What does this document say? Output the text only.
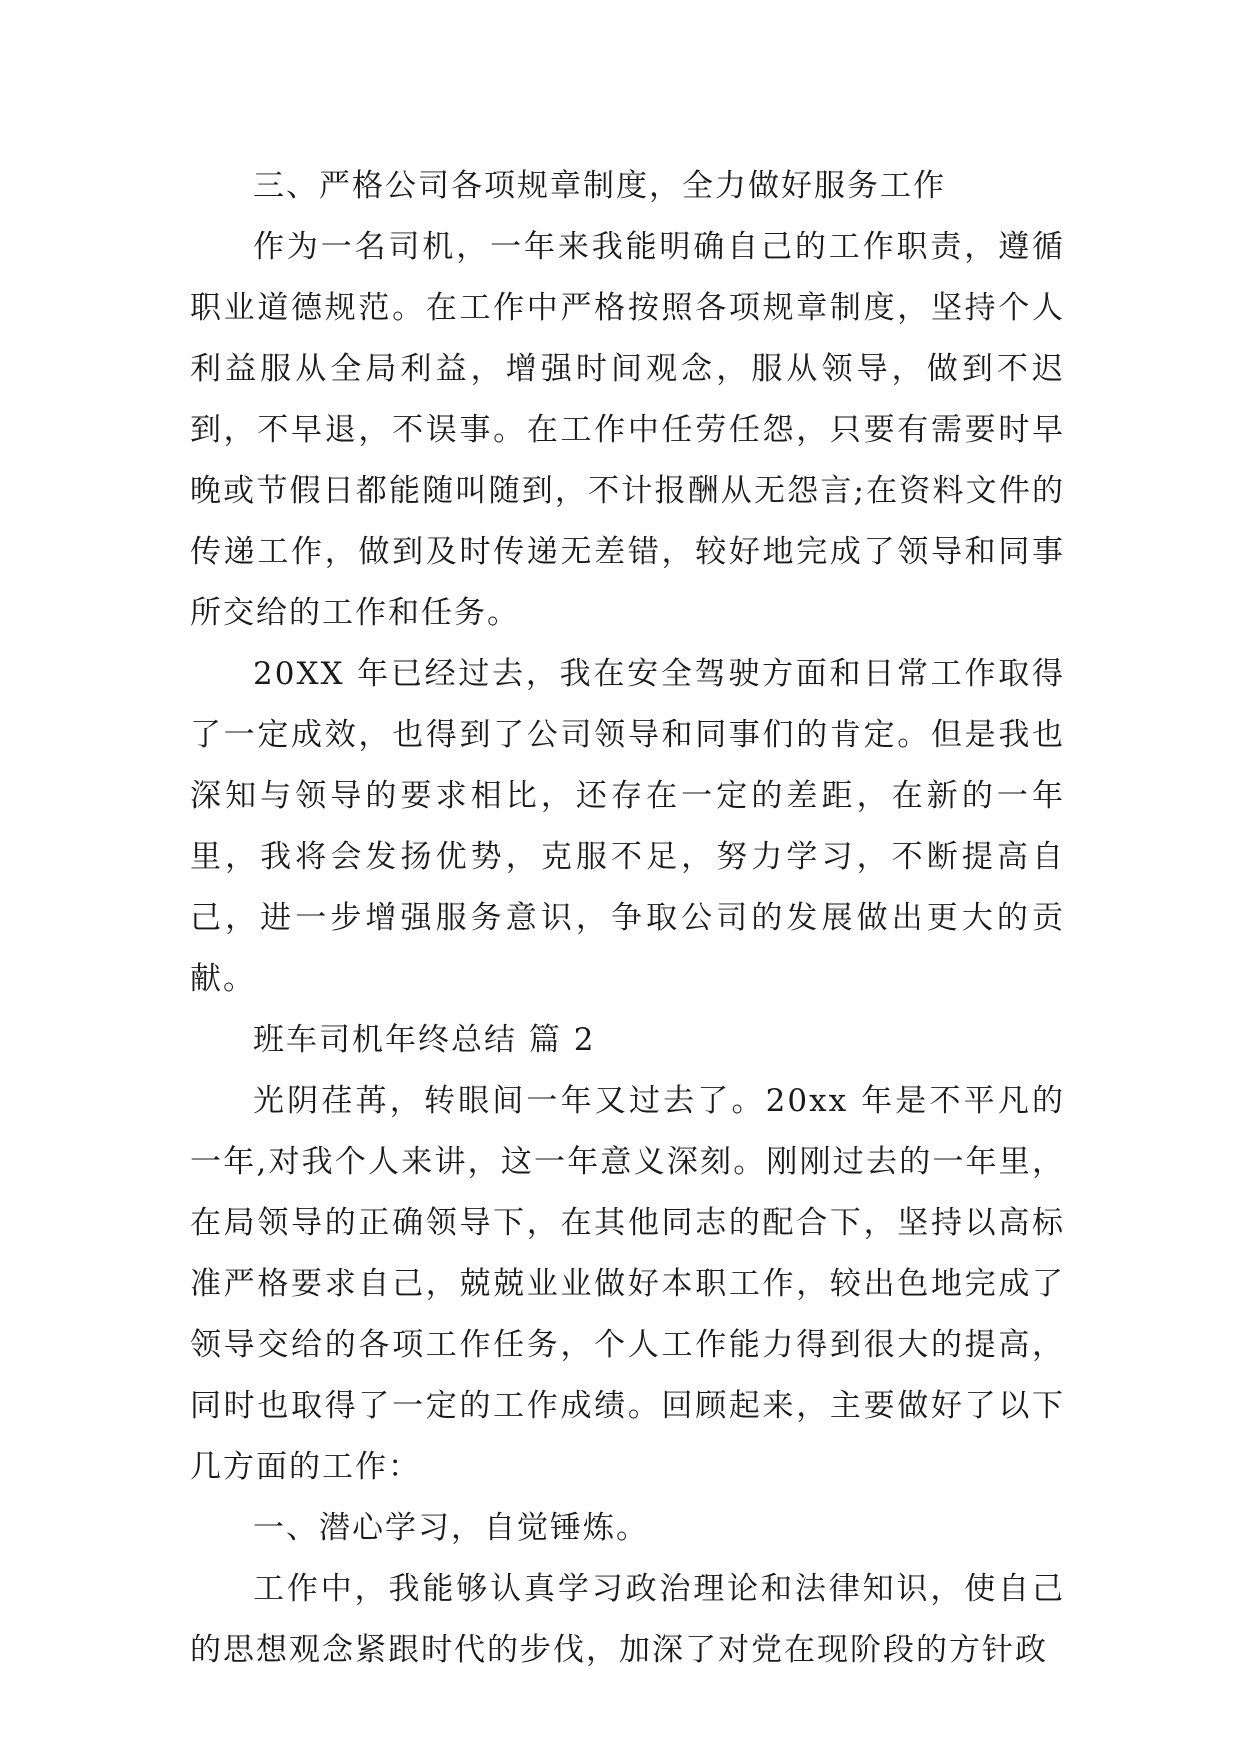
三、严格公司各项规章制度，全力做好服务工作

作为一名司机，一年来我能明确自己的工作职责，遵循职业道德规范。在工作中严格按照各项规章制度，坚持个人利益服从全局利益，增强时间观念，服从领导，做到不迟到，不早退，不误事。在工作中任劳任怨，只要有需要时早晚或节假日都能随叫随到，不计报酬从无怨言;在资料文件的传递工作，做到及时传递无差错，较好地完成了领导和同事所交给的工作和任务。

20XX 年已经过去，我在安全驾驶方面和日常工作取得了一定成效，也得到了公司领导和同事们的肯定。但是我也深知与领导的要求相比，还存在一定的差距，在新的一年里，我将会发扬优势，克服不足，努力学习，不断提高自己，进一步增强服务意识，争取公司的发展做出更大的贡献。

班车司机年终总结 篇 2

光阴荏苒，转眼间一年又过去了。20xx 年是不平凡的一年,对我个人来讲，这一年意义深刻。刚刚过去的一年里，在局领导的正确领导下，在其他同志的配合下，坚持以高标准严格要求自己，兢兢业业做好本职工作，较出色地完成了领导交给的各项工作任务，个人工作能力得到很大的提高，同时也取得了一定的工作成绩。回顾起来，主要做好了以下几方面的工作：

一、潜心学习，自觉锤炼。

工作中，我能够认真学习政治理论和法律知识，使自己的思想观念紧跟时代的步伐，加深了对党在现阶段的方针政
